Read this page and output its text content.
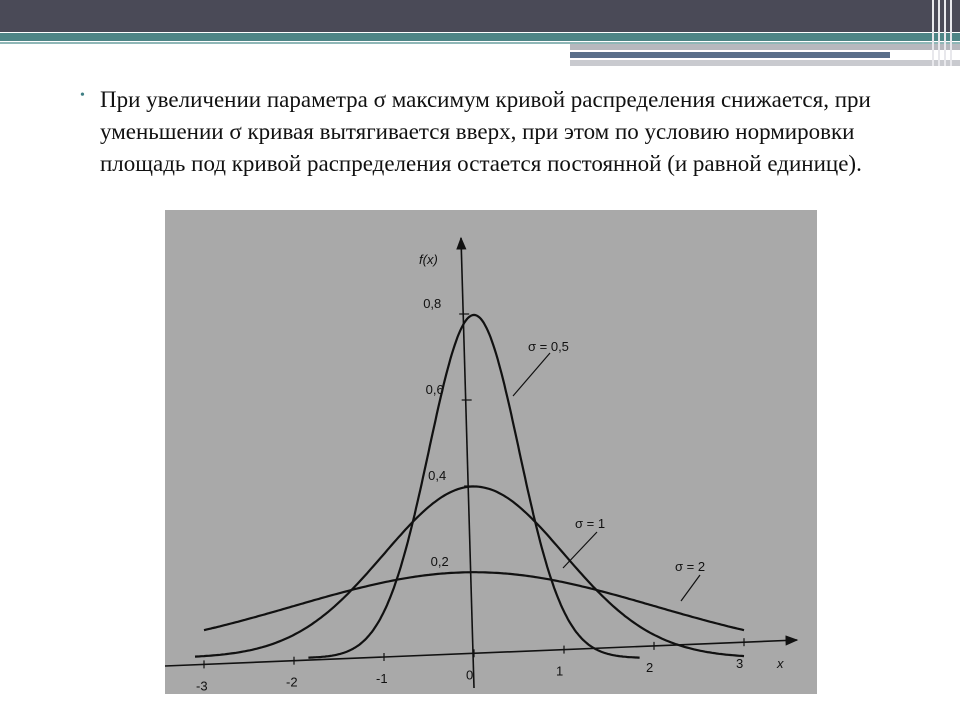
• При увеличении параметра σ максимум кривой распределения снижается, при уменьшении σ кривая вытягивается вверх, при этом по условию нормировки площадь под кривой распределения остается постоянной (и равной единице).

-3	-2	-1	0	1	2	3
0,2
0,4
0,6
0,8
x
f(x)
σ = 0,5
σ = 1
σ = 2
